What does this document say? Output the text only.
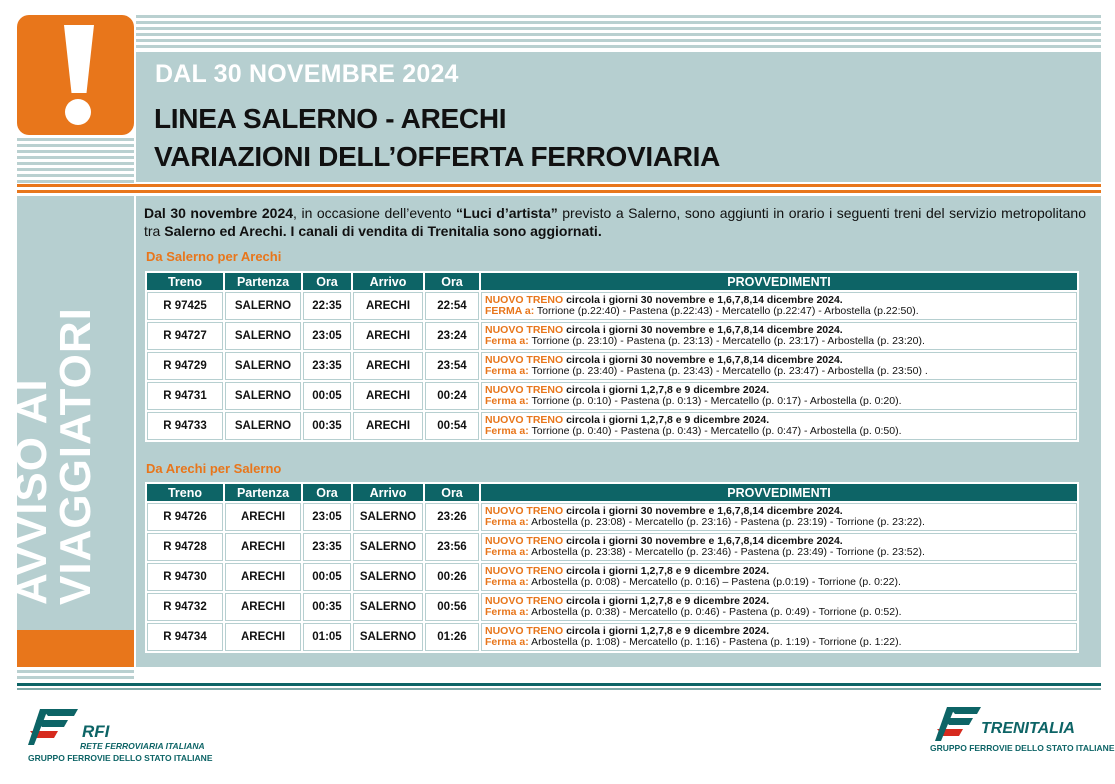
DAL 30 NOVEMBRE 2024
LINEA SALERNO - ARECHI
VARIAZIONI DELL’OFFERTA FERROVIARIA
AVVISO AI
VIAGGIATORI
Dal 30 novembre 2024, in occasione dell’evento “Luci d’artista” previsto a Salerno, sono aggiunti in orario i seguenti treni del servizio metropolitano tra Salerno ed Arechi. I canali di vendita di Trenitalia sono aggiornati.
Da Salerno per Arechi
Treno	Partenza	Ora	Arrivo	Ora	PROVVEDIMENTI
R 97425	SALERNO	22:35	ARECHI	22:54	NUOVO TRENO circola i giorni 30 novembre e 1,6,7,8,14 dicembre 2024.
FERMA a: Torrione (p.22:40) - Pastena (p.22:43) - Mercatello (p.22:47) - Arbostella (p.22:50).
R 94727	SALERNO	23:05	ARECHI	23:24	NUOVO TRENO circola i giorni 30 novembre e 1,6,7,8,14 dicembre 2024.
Ferma a: Torrione (p. 23:10) - Pastena (p. 23:13) - Mercatello (p. 23:17) - Arbostella (p. 23:20).
R 94729	SALERNO	23:35	ARECHI	23:54	NUOVO TRENO circola i giorni 30 novembre e 1,6,7,8,14 dicembre 2024.
Ferma a: Torrione (p. 23:40) - Pastena (p. 23:43) - Mercatello (p. 23:47) - Arbostella (p. 23:50) .
R 94731	SALERNO	00:05	ARECHI	00:24	NUOVO TRENO circola i giorni 1,2,7,8 e 9 dicembre 2024.
Ferma a: Torrione (p. 0:10) - Pastena (p. 0:13) - Mercatello (p. 0:17) - Arbostella (p. 0:20).
R 94733	SALERNO	00:35	ARECHI	00:54	NUOVO TRENO circola i giorni 1,2,7,8 e 9 dicembre 2024.
Ferma a: Torrione (p. 0:40) - Pastena (p. 0:43) - Mercatello (p. 0:47) - Arbostella (p. 0:50).
Da Arechi per Salerno
Treno	Partenza	Ora	Arrivo	Ora	PROVVEDIMENTI
R 94726	ARECHI	23:05	SALERNO	23:26	NUOVO TRENO circola i giorni 30 novembre e 1,6,7,8,14 dicembre 2024.
Ferma a: Arbostella (p. 23:08) - Mercatello (p. 23:16) - Pastena (p. 23:19) - Torrione (p. 23:22).
R 94728	ARECHI	23:35	SALERNO	23:56	NUOVO TRENO circola i giorni 30 novembre e 1,6,7,8,14 dicembre 2024.
Ferma a: Arbostella (p. 23:38) - Mercatello (p. 23:46) - Pastena (p. 23:49) - Torrione (p. 23:52).
R 94730	ARECHI	00:05	SALERNO	00:26	NUOVO TRENO circola i giorni 1,2,7,8 e 9 dicembre 2024.
Ferma a: Arbostella (p. 0:08) - Mercatello (p. 0:16) – Pastena (p.0:19) - Torrione (p. 0:22).
R 94732	ARECHI	00:35	SALERNO	00:56	NUOVO TRENO circola i giorni 1,2,7,8 e 9 dicembre 2024.
Ferma a: Arbostella (p. 0:38) - Mercatello (p. 0:46) - Pastena (p. 0:49) - Torrione (p. 0:52).
R 94734	ARECHI	01:05	SALERNO	01:26	NUOVO TRENO circola i giorni 1,2,7,8 e 9 dicembre 2024.
Ferma a: Arbostella (p. 1:08) - Mercatello (p. 1:16) - Pastena (p. 1:19) - Torrione (p. 1:22).
RFI
RETE FERROVIARIA ITALIANA
GRUPPO FERROVIE DELLO STATO ITALIANE
TRENITALIA
GRUPPO FERROVIE DELLO STATO ITALIANE
